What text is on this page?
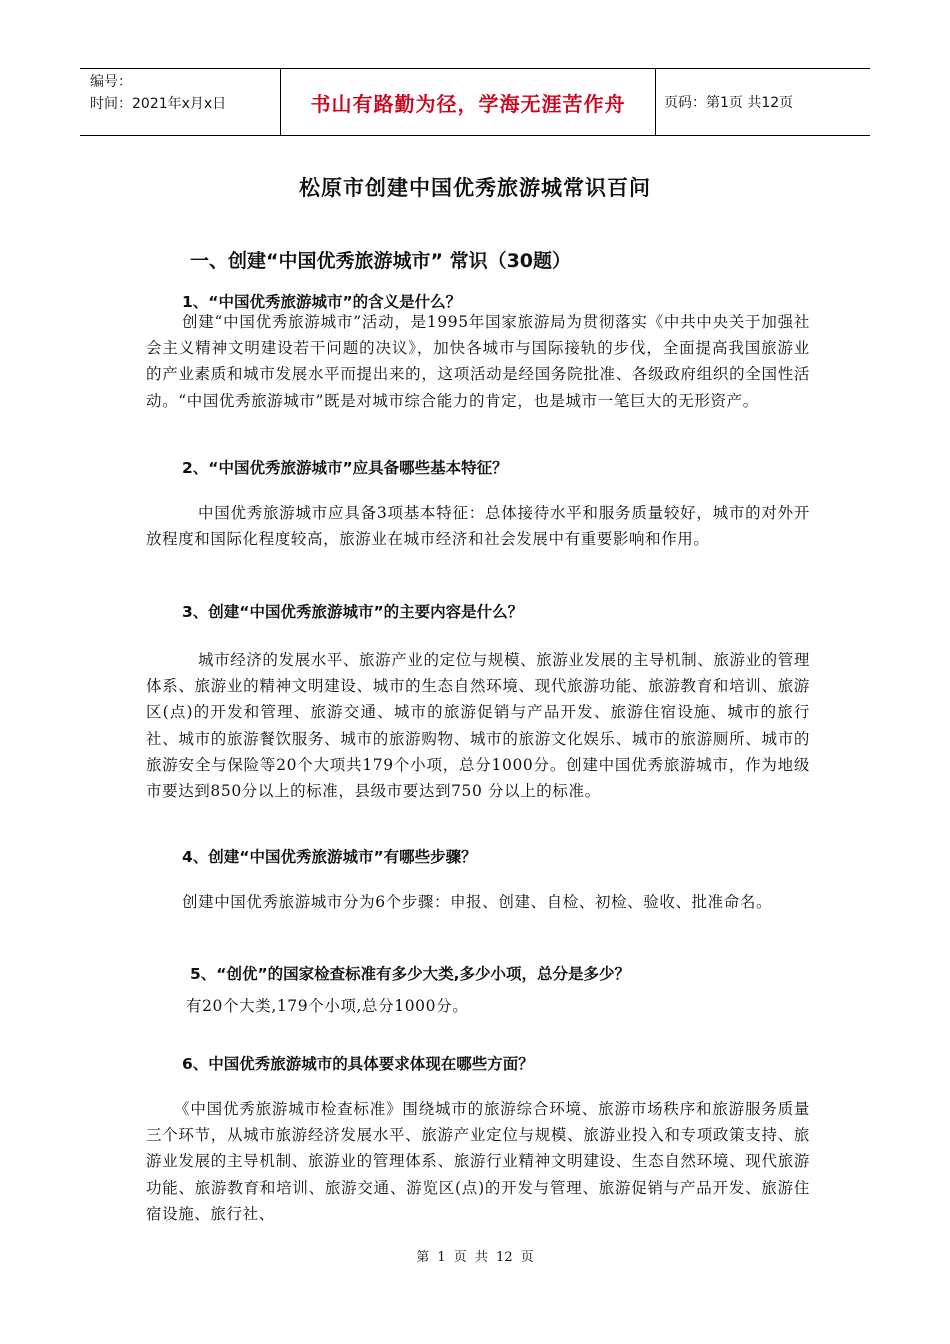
编号：
时间：2021年x月x日	书山有路勤为径，学海无涯苦作舟	页码：第1页 共12页
松原市创建中国优秀旅游城常识百问
一、创建“中国优秀旅游城市” 常识（30题）
1、“中国优秀旅游城市”的含义是什么？
创建“中国优秀旅游城市”活动，是1995年国家旅游局为贯彻落实《中共中央关于加强社会主义精神文明建设若干问题的决议》，加快各城市与国际接轨的步伐，全面提高我国旅游业的产业素质和城市发展水平而提出来的，这项活动是经国务院批准、各级政府组织的全国性活动。“中国优秀旅游城市”既是对城市综合能力的肯定，也是城市一笔巨大的无形资产。
2、“中国优秀旅游城市”应具备哪些基本特征？
中国优秀旅游城市应具备3项基本特征：总体接待水平和服务质量较好，城市的对外开放程度和国际化程度较高，旅游业在城市经济和社会发展中有重要影响和作用。
3、创建“中国优秀旅游城市”的主要内容是什么？
城市经济的发展水平、旅游产业的定位与规模、旅游业发展的主导机制、旅游业的管理体系、旅游业的精神文明建设、城市的生态自然环境、现代旅游功能、旅游教育和培训、旅游区(点)的开发和管理、旅游交通、城市的旅游促销与产品开发、旅游住宿设施、城市的旅行社、城市的旅游餐饮服务、城市的旅游购物、城市的旅游文化娱乐、城市的旅游厕所、城市的旅游安全与保险等20个大项共179个小项，总分1000分。创建中国优秀旅游城市，作为地级市要达到850分以上的标准，县级市要达到750 分以上的标准。
4、创建“中国优秀旅游城市”有哪些步骤？
创建中国优秀旅游城市分为6个步骤：申报、创建、自检、初检、验收、批准命名。
5、“创优”的国家检查标准有多少大类,多少小项，总分是多少？
有20个大类,179个小项,总分1000分。
6、中国优秀旅游城市的具体要求体现在哪些方面？
《中国优秀旅游城市检查标准》围绕城市的旅游综合环境、旅游市场秩序和旅游服务质量三个环节，从城市旅游经济发展水平、旅游产业定位与规模、旅游业投入和专项政策支持、旅游业发展的主导机制、旅游业的管理体系、旅游行业精神文明建设、生态自然环境、现代旅游功能、旅游教育和培训、旅游交通、游览区(点)的开发与管理、旅游促销与产品开发、旅游住宿设施、旅行社、
第 1 页 共 12 页
